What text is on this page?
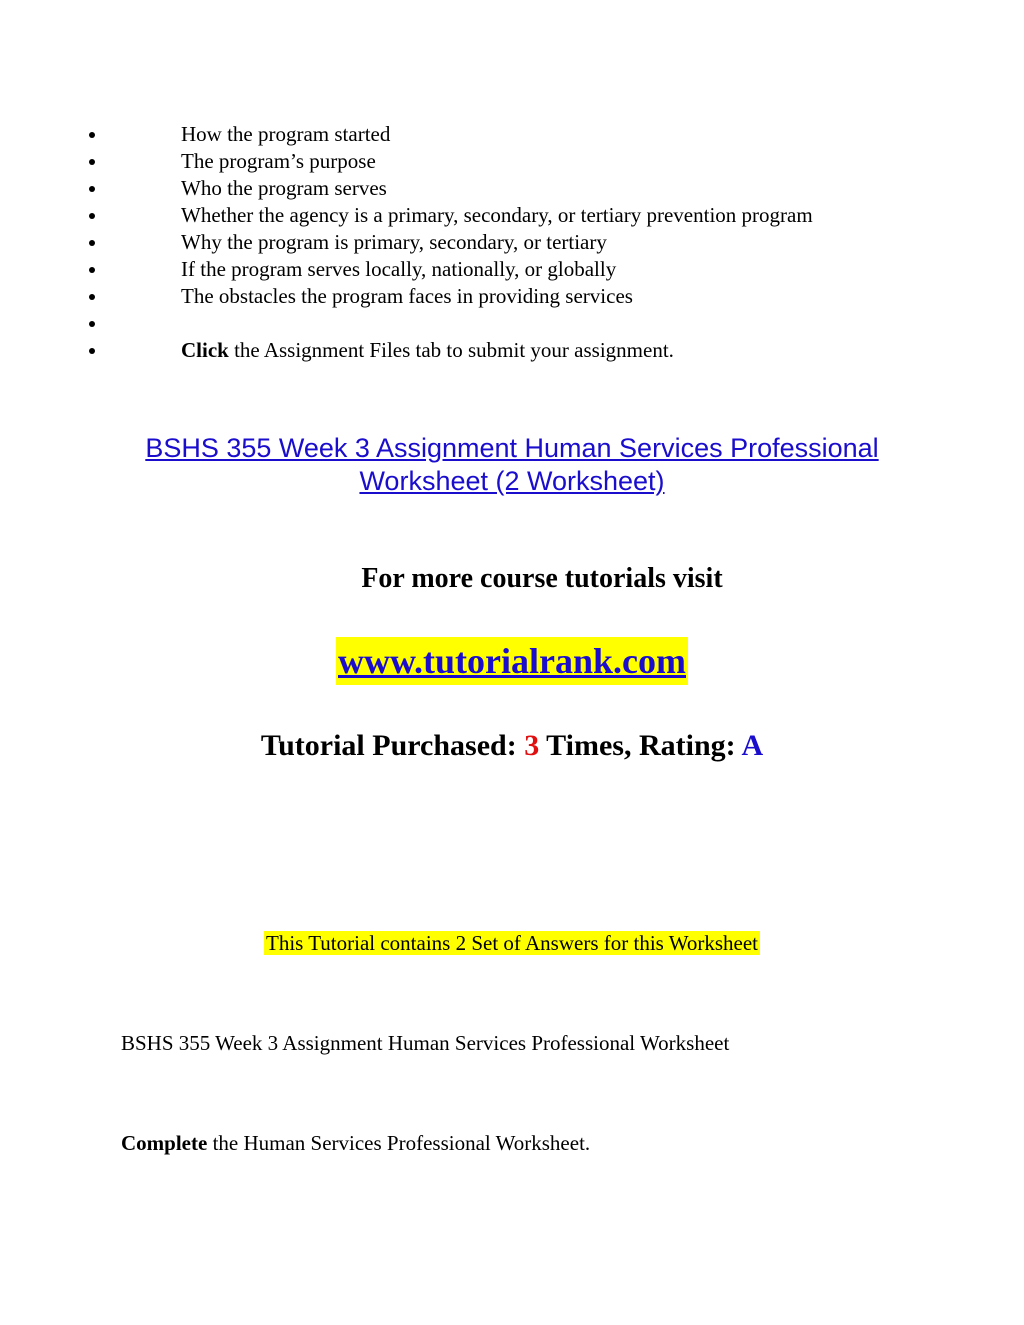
How the program started
The program’s purpose
Who the program serves
Whether the agency is a primary, secondary, or tertiary prevention program
Why the program is primary, secondary, or tertiary
If the program serves locally, nationally, or globally
The obstacles the program faces in providing services
Click the Assignment Files tab to submit your assignment.
BSHS 355 Week 3 Assignment Human Services Professional
Worksheet (2 Worksheet)
For more course tutorials visit
www.tutorialrank.com
Tutorial Purchased: 3 Times, Rating: A
This Tutorial contains 2 Set of Answers for this Worksheet
BSHS 355 Week 3 Assignment Human Services Professional Worksheet
Complete the Human Services Professional Worksheet.
